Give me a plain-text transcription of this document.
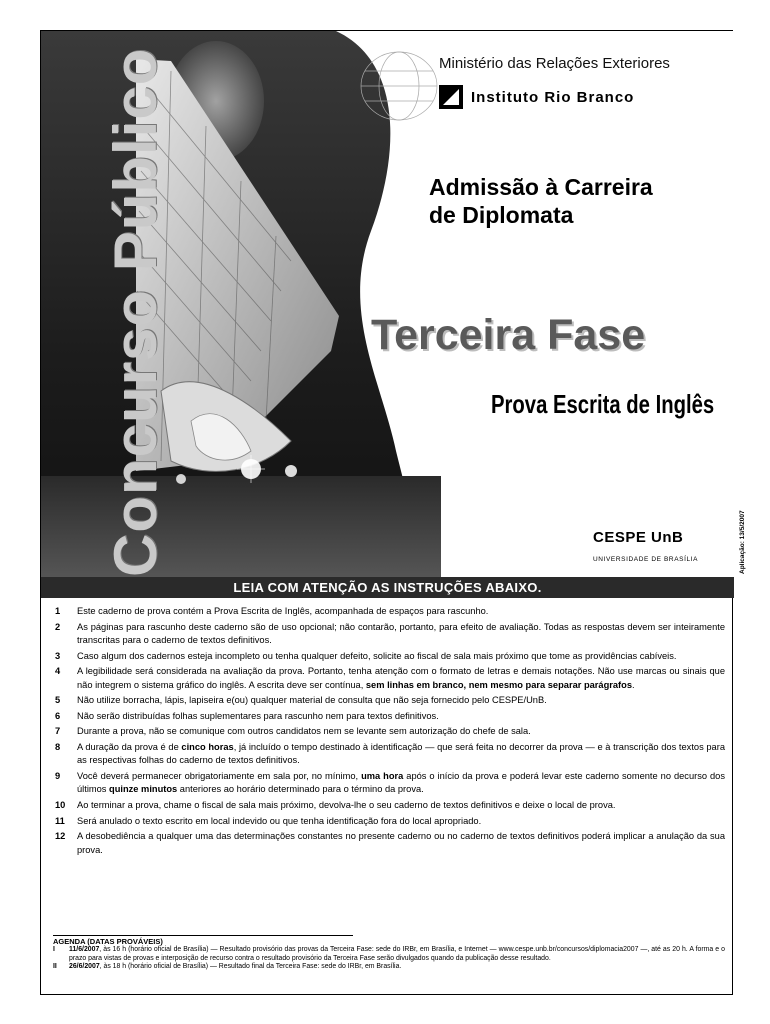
Concurso Público	Ministério das Relações Exteriores
Instituto Rio Branco
Admissão à Carreira
de Diplomata
Terceira Fase
Prova Escrita de Inglês
CESPE UnB
UNIVERSIDADE DE BRASÍLIA	Aplicação: 13/5/2007
LEIA COM ATENÇÃO AS INSTRUÇÕES ABAIXO.
1	Este caderno de prova contém a Prova Escrita de Inglês, acompanhada de espaços para rascunho.
2	As páginas para rascunho deste caderno são de uso opcional; não contarão, portanto, para efeito de avaliação. Todas as respostas devem ser inteiramente transcritas para o caderno de textos definitivos.
3	Caso algum dos cadernos esteja incompleto ou tenha qualquer defeito, solicite ao fiscal de sala mais próximo que tome as providências cabíveis.
4	A legibilidade será considerada na avaliação da prova. Portanto, tenha atenção com o formato de letras e demais notações. Não use marcas ou sinais que não integrem o sistema gráfico do inglês. A escrita deve ser contínua, sem linhas em branco, nem mesmo para separar parágrafos.
5	Não utilize borracha, lápis, lapiseira e(ou) qualquer material de consulta que não seja fornecido pelo CESPE/UnB.
6	Não serão distribuídas folhas suplementares para rascunho nem para textos definitivos.
7	Durante a prova, não se comunique com outros candidatos nem se levante sem autorização do chefe de sala.
8	A duração da prova é de cinco horas, já incluído o tempo destinado à identificação — que será feita no decorrer da prova — e à transcrição dos textos para as respectivas folhas do caderno de textos definitivos.
9	Você deverá permanecer obrigatoriamente em sala por, no mínimo, uma hora após o início da prova e poderá levar este caderno somente no decurso dos últimos quinze minutos anteriores ao horário determinado para o término da prova.
10	Ao terminar a prova, chame o fiscal de sala mais próximo, devolva-lhe o seu caderno de textos definitivos e deixe o local de prova.
11	Será anulado o texto escrito em local indevido ou que tenha identificação fora do local apropriado.
12	A desobediência a qualquer uma das determinações constantes no presente caderno ou no caderno de textos definitivos poderá implicar a anulação da sua prova.
AGENDA (DATAS PROVÁVEIS)
I	11/6/2007, às 16 h (horário oficial de Brasília) — Resultado provisório das provas da Terceira Fase: sede do IRBr, em Brasília, e Internet — www.cespe.unb.br/concursos/diplomacia2007 —, até as 20 h. A forma e o prazo para vistas de provas e interposição de recurso contra o resultado provisório da Terceira Fase serão divulgados quando da publicação desse resultado.
II	26/6/2007, às 18 h (horário oficial de Brasília) — Resultado final da Terceira Fase: sede do IRBr, em Brasília.
